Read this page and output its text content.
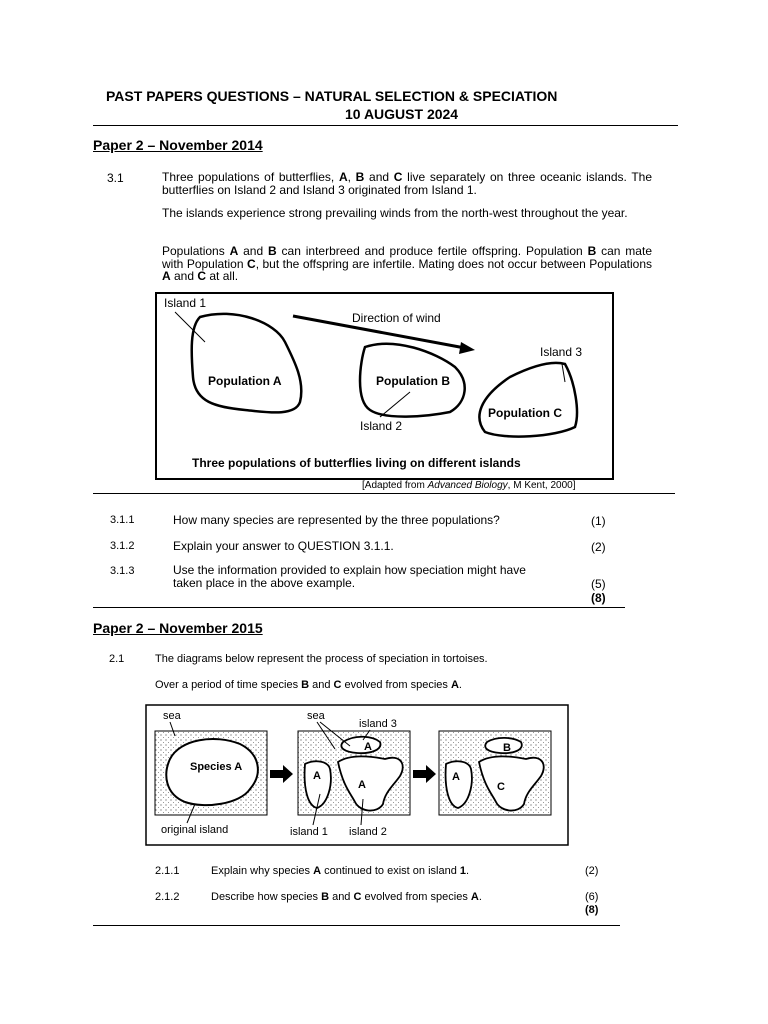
PAST PAPERS QUESTIONS – NATURAL SELECTION & SPECIATION
10 AUGUST 2024
Paper 2 – November 2014
3.1	Three populations of butterflies, A, B and C live separately on three oceanic islands. The butterflies on Island 2 and Island 3 originated from Island 1.
The islands experience strong prevailing winds from the north-west throughout the year.
Populations A and B can interbreed and produce fertile offspring. Population B can mate with Population C, but the offspring are infertile. Mating does not occur between Populations A and C at all.
Island 1
Population A
Direction of wind
Population B
Island 2
Island 3
Population C
Three populations of butterflies living on different islands
[Adapted from Advanced Biology, M Kent, 2000]
3.1.1	How many species are represented by the three populations?	(1)
3.1.2	Explain your answer to QUESTION 3.1.1.	(2)
3.1.3	Use the information provided to explain how speciation might have
taken place in the above example.	(5)
(8)
Paper 2 – November 2015
2.1	The diagrams below represent the process of speciation in tortoises.
Over a period of time species B and C evolved from species A.
Species A
sea
original island
A
A
A
sea
island 3
island 1 island 2
B
A
C
2.1.1	Explain why species A continued to exist on island 1.	(2)
2.1.2	Describe how species B and C evolved from species A.	(6)
(8)
